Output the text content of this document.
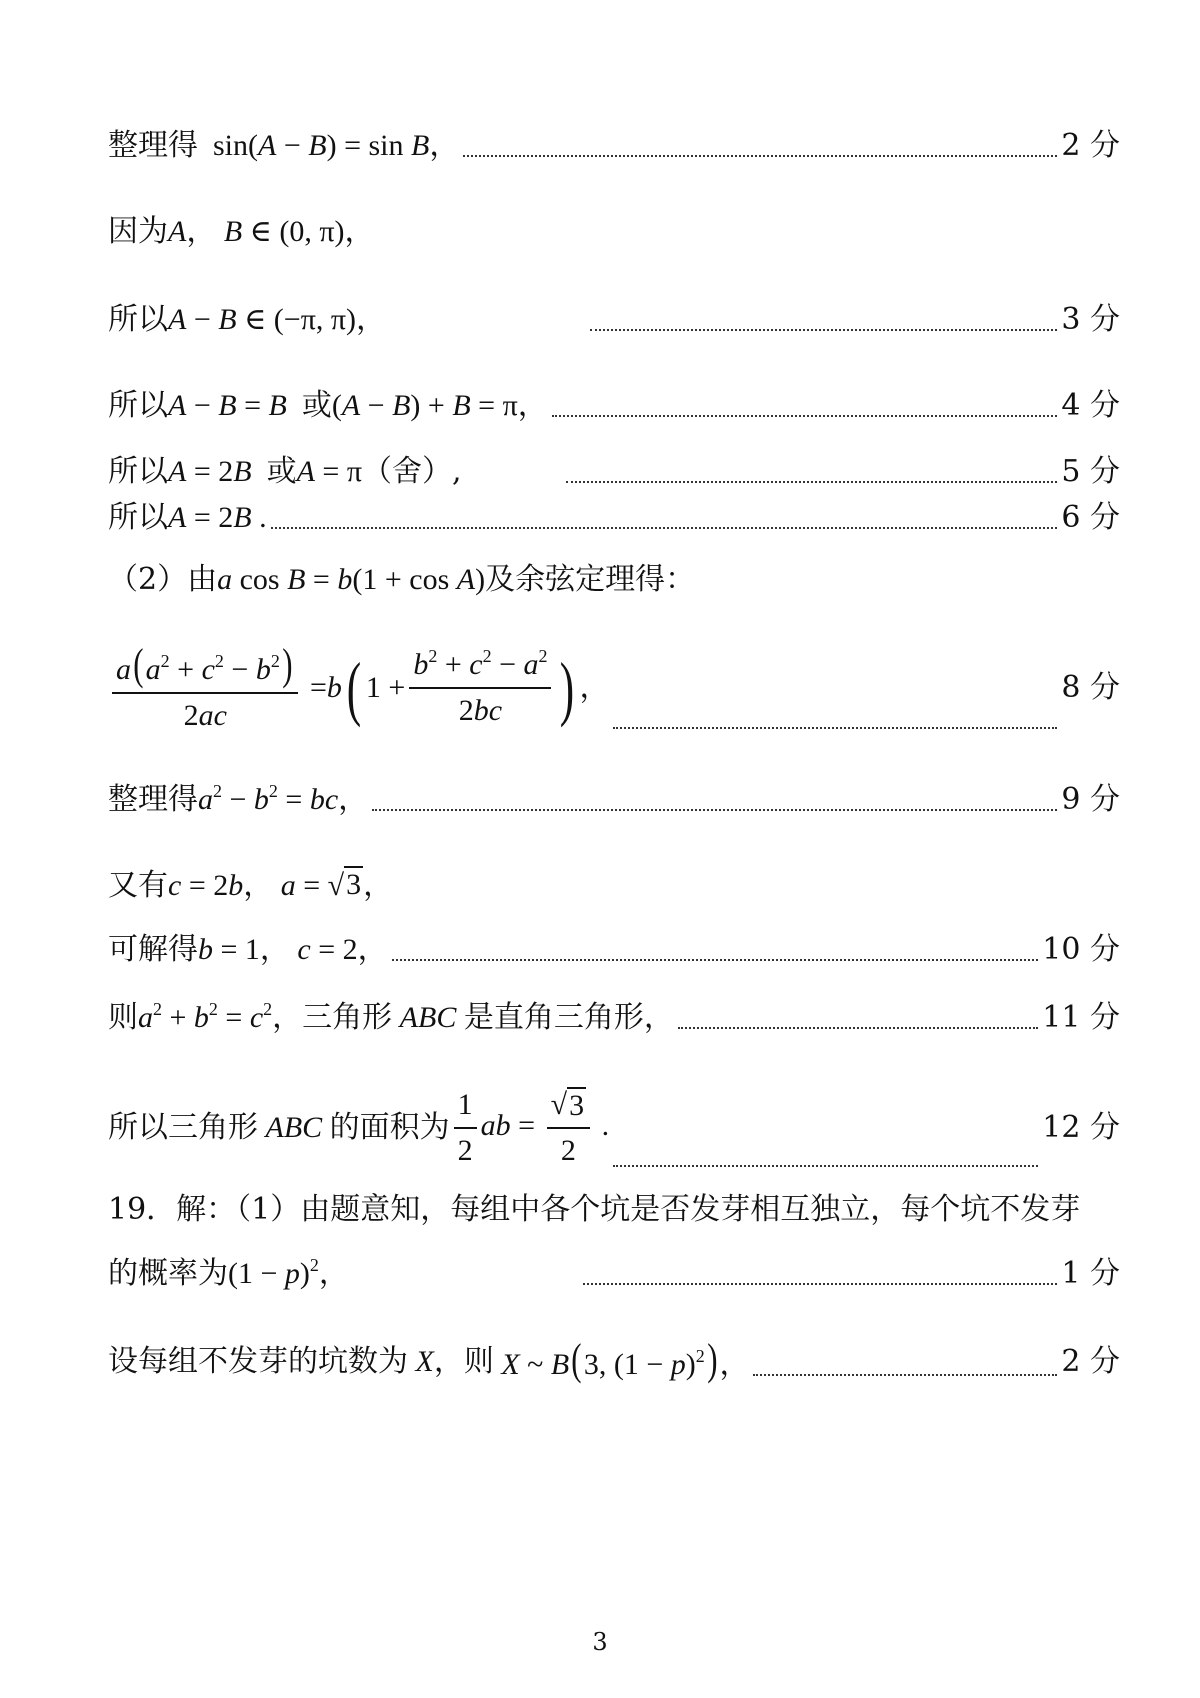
整理得 sin(A − B) = sin B，	2 分
因为 A ， B ∈ (0, π)，
所以 A − B ∈ (−π, π)，	3 分
所以 A − B = B 或 (A − B) + B = π，	4 分
所以 A = 2B 或 A = π （舍）,	5 分
所以 A = 2B .	6 分
（2）由 a cos B = b(1 + cos A) 及余弦定理得：
$\frac{a(a^2 + c^2 - b^2)}{2ac} = b$ ( $1 + \frac{b^2 + c^2 - a^2}{2bc}$ ) ，	8 分
整理得 $a^2 - b^2$ = bc，	9 分
又有 c = 2b， a = √ 3 ，
可解得 b = 1， c = 2，	10 分
则 $a^2 + b^2 = c^2$ ，三角形 ABC 是直角三角形，	11 分
所以三角形 ABC 的面积为 $\frac{1}{2}$ ab = $\frac{√ 3}{2}$ .	12 分
19．解：（1）由题意知，每组中各个坑是否发芽相互独立，每个坑不发芽
的概率为 $(1 - p)^2$，	1 分
设每组不发芽的坑数为 X ，则 X ~ B(3, $(1 - p)^2$)，	2 分
3
